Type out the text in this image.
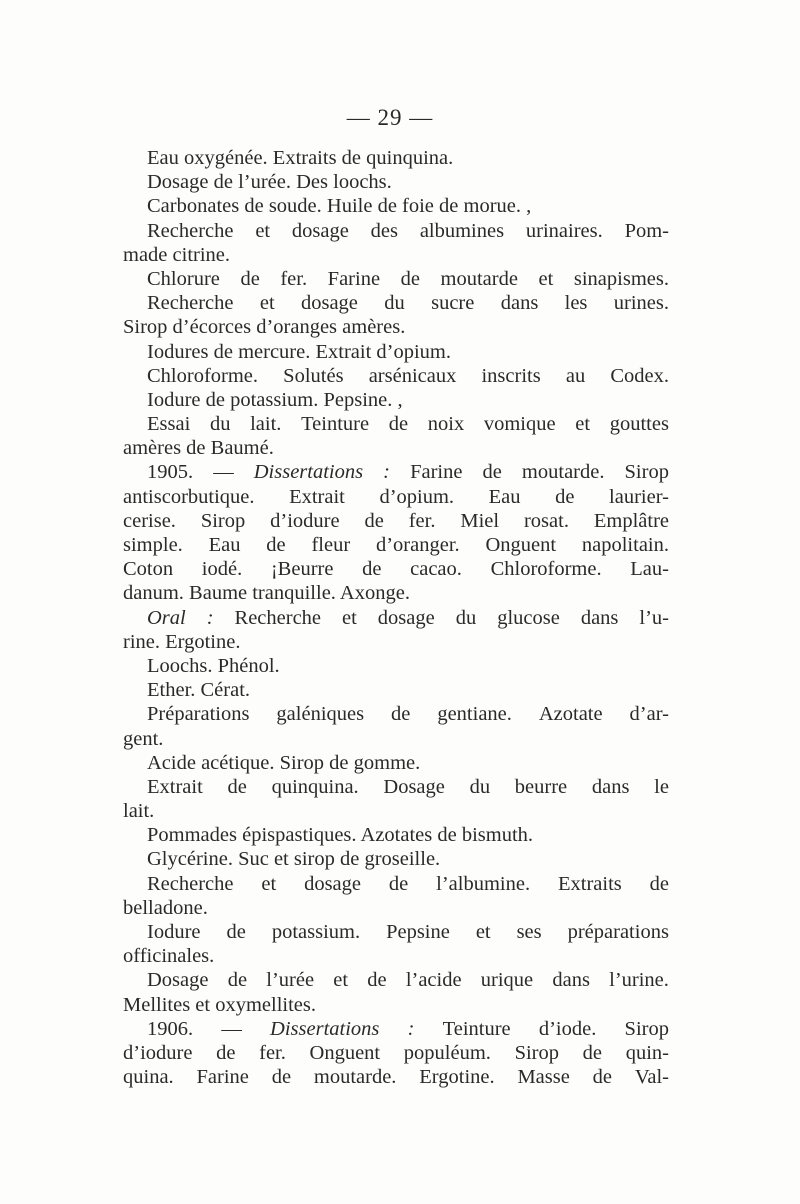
— 29 —
Eau oxygénée. Extraits de quinquina.
Dosage de l’urée. Des loochs.
Carbonates de soude. Huile de foie de morue. ,
Recherche et dosage des albumines urinaires. Pom-
made citrine.
Chlorure de fer. Farine de moutarde et sinapismes.
Recherche et dosage du sucre dans les urines.
Sirop d’écorces d’oranges amères.
Iodures de mercure. Extrait d’opium.
Chloroforme. Solutés arsénicaux inscrits au Codex.
Iodure de potassium. Pepsine. ,
Essai du lait. Teinture de noix vomique et gouttes
amères de Baumé.
1905. — Dissertations : Farine de moutarde. Sirop
antiscorbutique. Extrait d’opium. Eau de laurier-
cerise. Sirop d’iodure de fer. Miel rosat. Emplâtre
simple. Eau de fleur d’oranger. Onguent napolitain.
Coton iodé. ¡Beurre de cacao. Chloroforme. Lau-
danum. Baume tranquille. Axonge.
Oral : Recherche et dosage du glucose dans l’u-
rine. Ergotine.
Loochs. Phénol.
Ether. Cérat.
Préparations galéniques de gentiane. Azotate d’ar-
gent.
Acide acétique. Sirop de gomme.
Extrait de quinquina. Dosage du beurre dans le
lait.
Pommades épispastiques. Azotates de bismuth.
Glycérine. Suc et sirop de groseille.
Recherche et dosage de l’albumine. Extraits de
belladone.
Iodure de potassium. Pepsine et ses préparations
officinales.
Dosage de l’urée et de l’acide urique dans l’urine.
Mellites et oxymellites.
1906. — Dissertations : Teinture d’iode. Sirop
d’iodure de fer. Onguent populéum. Sirop de quin-
quina. Farine de moutarde. Ergotine. Masse de Val-
